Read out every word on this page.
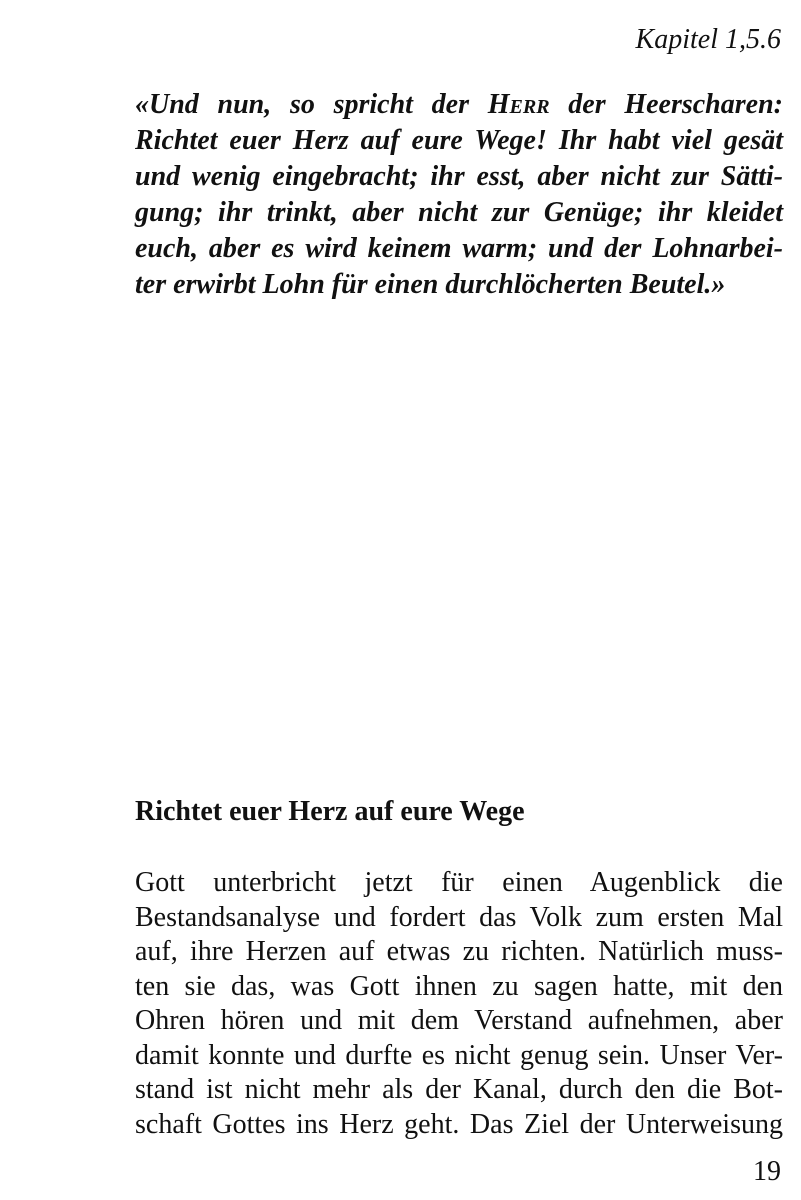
Kapitel 1,5.6
«Und nun, so spricht der Herr der Heerscharen:
Richtet euer Herz auf eure Wege! Ihr habt viel gesät
und wenig eingebracht; ihr esst, aber nicht zur Sätti-
gung; ihr trinkt, aber nicht zur Genüge; ihr kleidet
euch, aber es wird keinem warm; und der Lohnarbei-
ter erwirbt Lohn für einen durchlöcherten Beutel.»
Richtet euer Herz auf eure Wege
Gott unterbricht jetzt für einen Augenblick die
Bestandsanalyse und fordert das Volk zum ersten Mal
auf, ihre Herzen auf etwas zu richten. Natürlich muss-
ten sie das, was Gott ihnen zu sagen hatte, mit den
Ohren hören und mit dem Verstand aufnehmen, aber
damit konnte und durfte es nicht genug sein. Unser Ver-
stand ist nicht mehr als der Kanal, durch den die Bot-
schaft Gottes ins Herz geht. Das Ziel der Unterweisung
19
